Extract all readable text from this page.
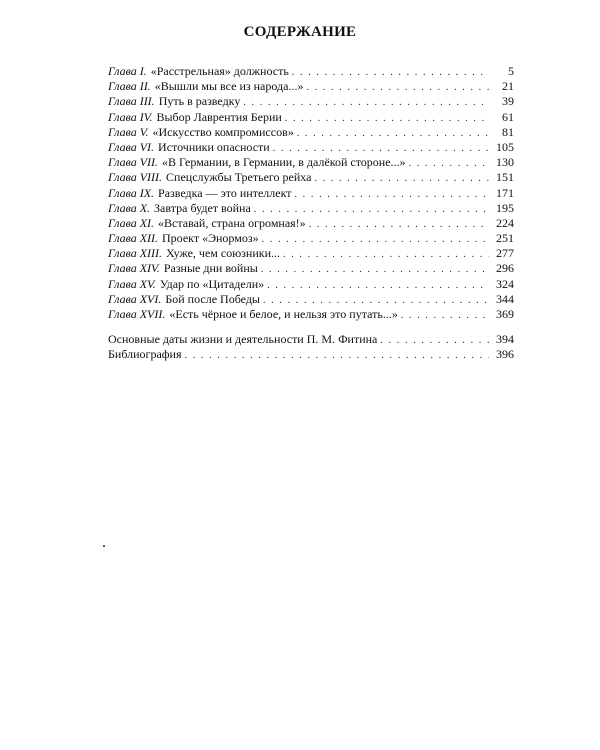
СОДЕРЖАНИЕ
Глава I. «Расстрельная» должность . . .	5
Глава II. «Вышли мы все из народа...» . . .	21
Глава III. Путь в разведку . . .	39
Глава IV. Выбор Лаврентия Берии . . .	61
Глава V. «Искусство компромиссов» . . .	81
Глава VI. Источники опасности . . .	105
Глава VII. «В Германии, в Германии, в далёкой стороне...» . . .	130
Глава VIII. Спецслужбы Третьего рейха . . .	151
Глава IX. Разведка — это интеллект . . .	171
Глава X. Завтра будет война . . .	195
Глава XI. «Вставай, страна огромная!» . . .	224
Глава XII. Проект «Энормоз» . . .	251
Глава XIII. Хуже, чем союзники... . . .	277
Глава XIV. Разные дни войны . . .	296
Глава XV. Удар по «Цитадели» . . .	324
Глава XVI. Бой после Победы . . .	344
Глава XVII. «Есть чёрное и белое, и нельзя это путать...» . . .	369
Основные даты жизни и деятельности П. М. Фитина . . .	394
Библиография . . .	396
